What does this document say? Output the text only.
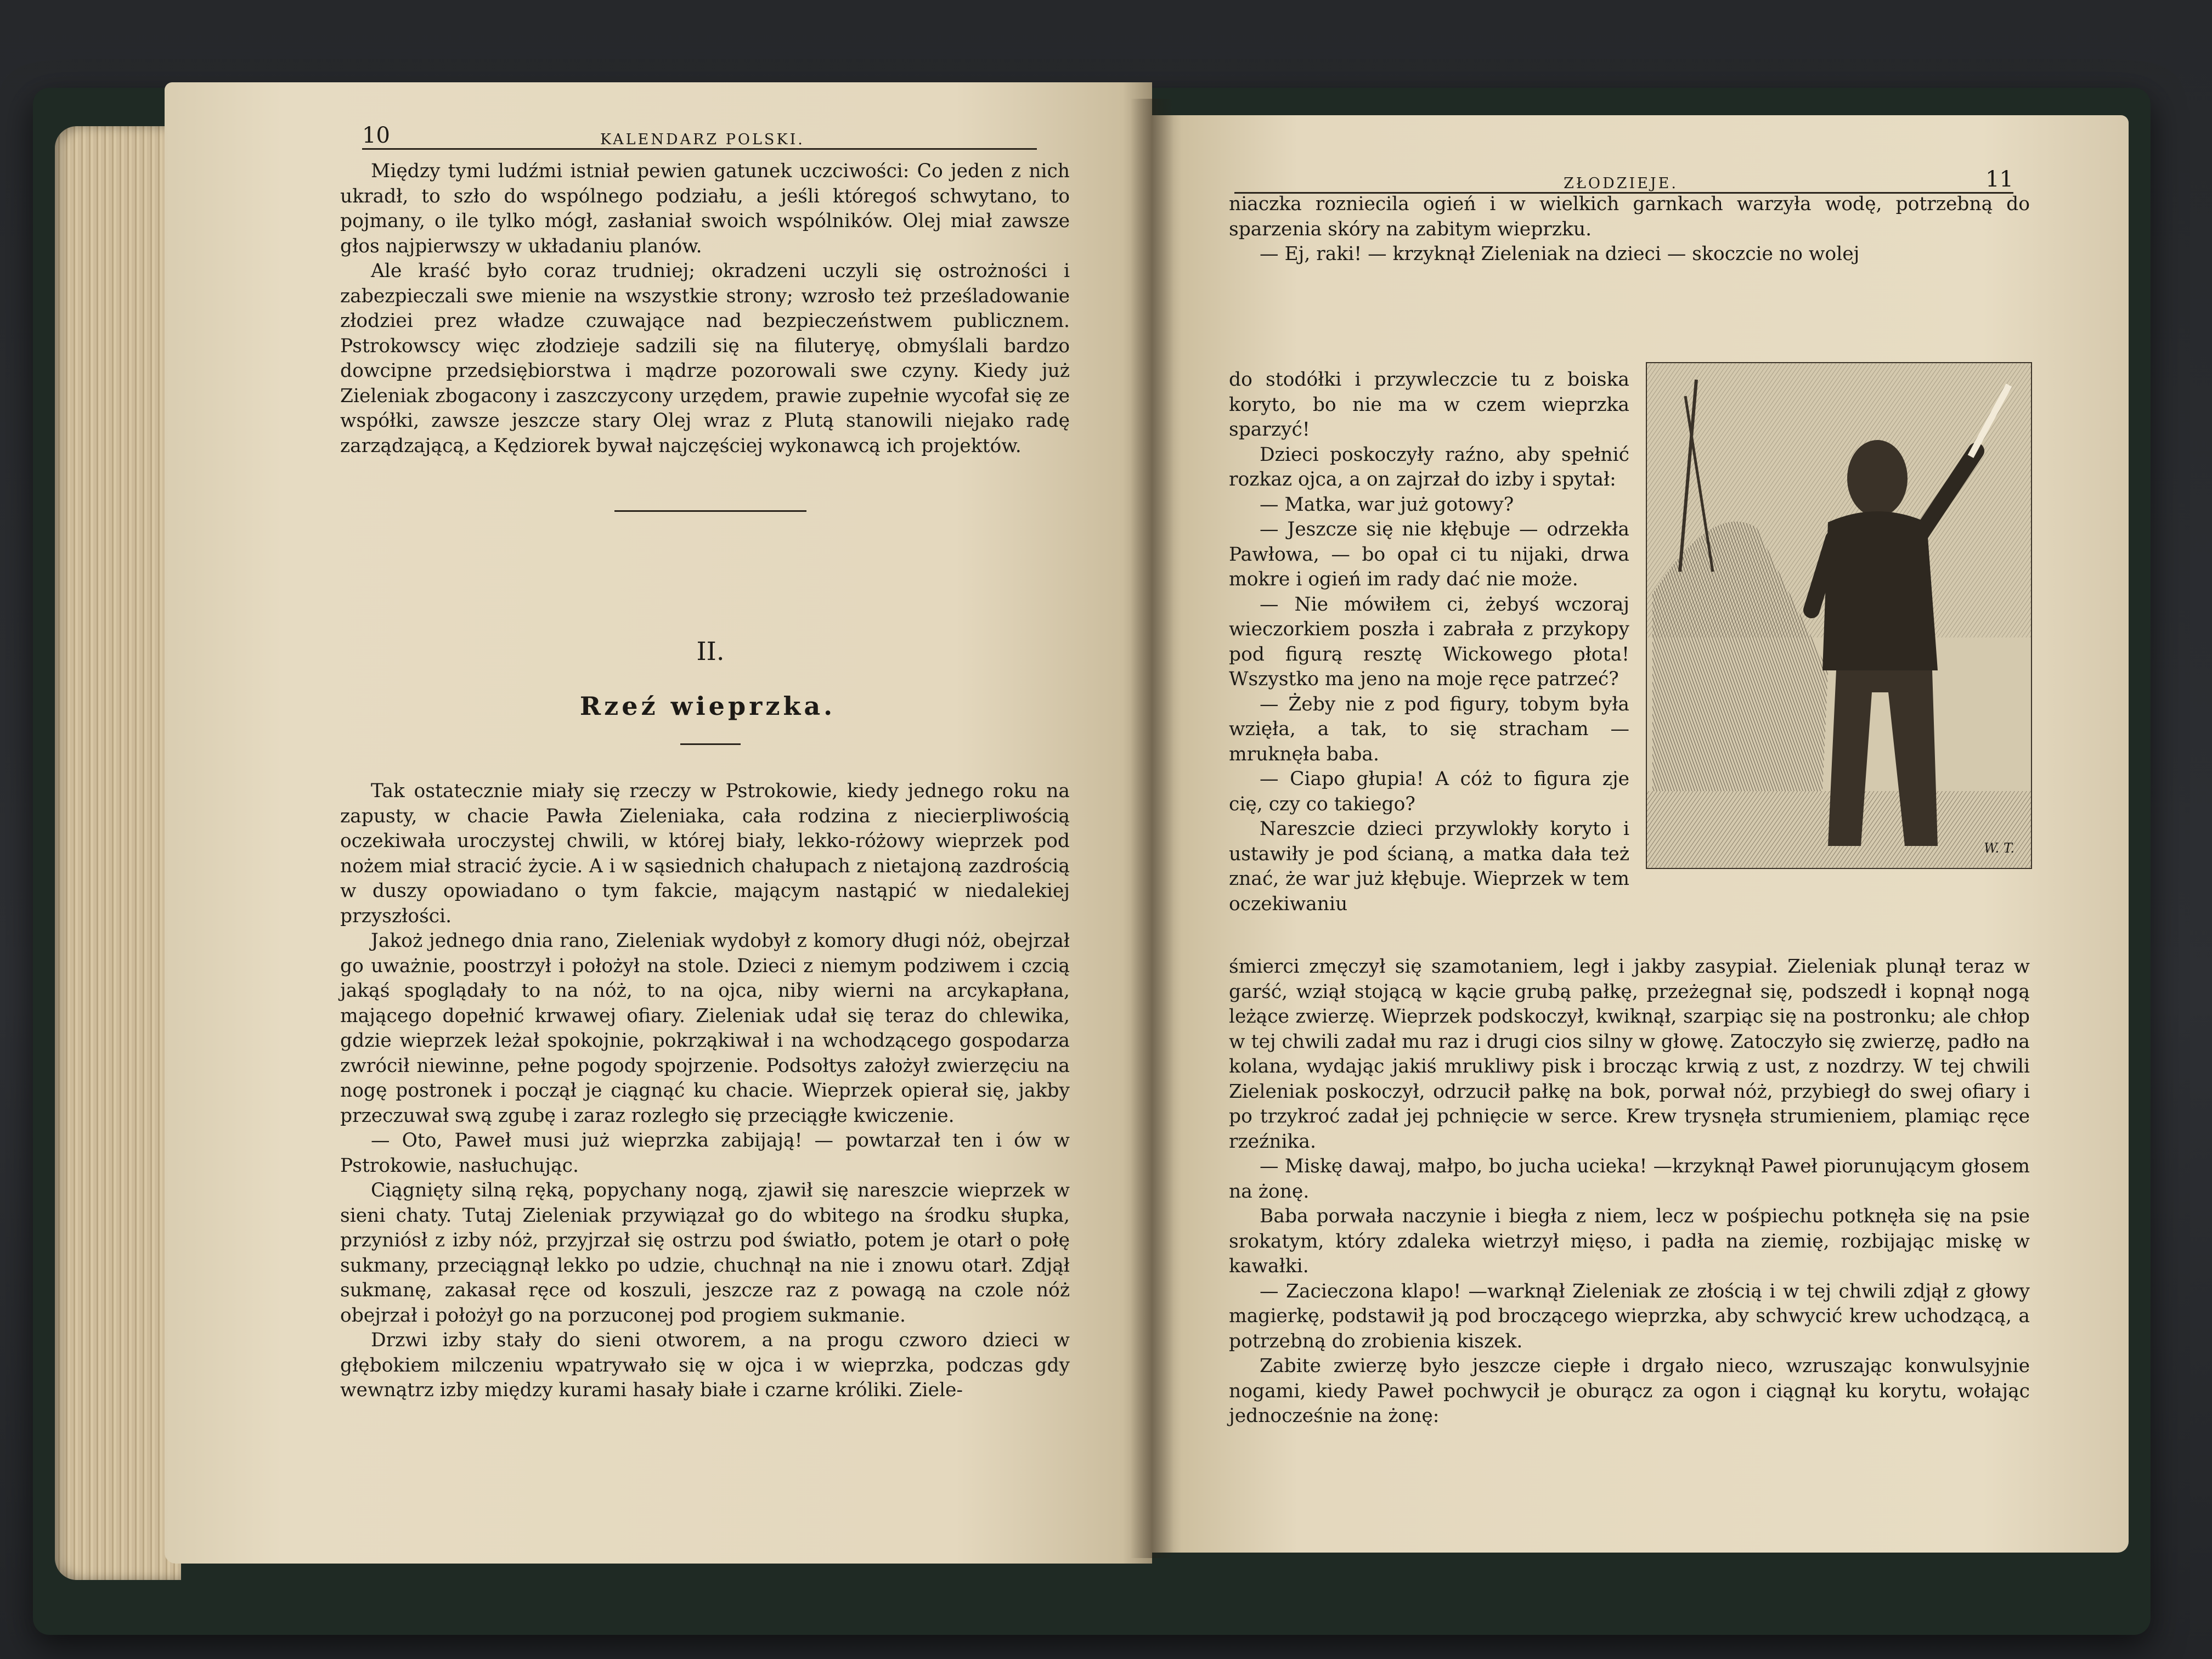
10	KALENDARZ POLSKI.

Między tymi ludźmi istniał pewien gatunek uczciwości: Co jeden z nich ukradł, to szło do wspólnego podziału, a jeśli któregoś schwytano, to pojmany, o ile tylko mógł, zasłaniał swoich wspólników. Olej miał zawsze głos najpierwszy w układaniu planów.

Ale kraść było coraz trudniej; okradzeni uczyli się ostrożności i zabezpieczali swe mienie na wszystkie strony; wzrosło też prześladowanie złodziei prez władze czuwające nad bezpieczeństwem publicznem. Pstrokowscy więc złodzieje sadzili się na filuteryę, obmyślali bardzo dowcipne przedsiębiorstwa i mądrze pozorowali swe czyny. Kiedy już Zieleniak zbogacony i zaszczycony urzędem, prawie zupełnie wycofał się ze współki, zawsze jeszcze stary Olej wraz z Plutą stanowili niejako radę zarządzającą, a Kędziorek bywał najczęściej wykonawcą ich projektów.

II.
Rzeź wieprzka.

Tak ostatecznie miały się rzeczy w Pstrokowie, kiedy jednego roku na zapusty, w chacie Pawła Zieleniaka, cała rodzina z niecierpliwością oczekiwała uroczystej chwili, w której biały, lekko-różowy wieprzek pod nożem miał stracić życie. A i w sąsiednich chałupach z nietajoną zazdrością w duszy opowiadano o tym fakcie, mającym nastąpić w niedalekiej przyszłości.

Jakoż jednego dnia rano, Zieleniak wydobył z komory długi nóż, obejrzał go uważnie, poostrzył i położył na stole. Dzieci z niemym podziwem i czcią jakąś spoglądały to na nóż, to na ojca, niby wierni na arcykapłana, mającego dopełnić krwawej ofiary. Zieleniak udał się teraz do chlewika, gdzie wieprzek leżał spokojnie, pokrząkiwał i na wchodzącego gospodarza zwrócił niewinne, pełne pogody spojrzenie. Podsołtys założył zwierzęciu na nogę postronek i począł je ciągnąć ku chacie. Wieprzek opierał się, jakby przeczuwał swą zgubę i zaraz rozległo się przeciągłe kwiczenie.

— Oto, Paweł musi już wieprzka zabijają! — powtarzał ten i ów w Pstrokowie, nasłuchując.

Ciągnięty silną ręką, popychany nogą, zjawił się nareszcie wieprzek w sieni chaty. Tutaj Zieleniak przywiązał go do wbitego na środku słupka, przyniósł z izby nóż, przyjrzał się ostrzu pod światło, potem je otarł o połę sukmany, przeciągnął lekko po udzie, chuchnął na nie i znowu otarł. Zdjął sukmanę, zakasał ręce od koszuli, jeszcze raz z powagą na czole nóż obejrzał i położył go na porzuconej pod progiem sukmanie.

Drzwi izby stały do sieni otworem, a na progu czworo dzieci w głębokiem milczeniu wpatrywało się w ojca i w wieprzka, podczas gdy wewnątrz izby między kurami hasały białe i czarne króliki. Ziele-

ZŁODZIEJE.	11

niaczka rozniecila ogień i w wielkich garnkach warzyła wodę, potrzebną do sparzenia skóry na zabitym wieprzku.

— Ej, raki! — krzyknął Zieleniak na dzieci — skoczcie no wolej

do stodółki i przywleczcie tu z boiska koryto, bo nie ma w czem wieprzka sparzyć!

Dzieci poskoczyły raźno, aby spełnić rozkaz ojca, a on zajrzał do izby i spytał:

— Matka, war już gotowy?

— Jeszcze się nie kłębuje — odrzekła Pawłowa, — bo opał ci tu nijaki, drwa mokre i ogień im rady dać nie może.

— Nie mówiłem ci, żebyś wczoraj wieczorkiem poszła i zabrała z przykopy pod figurą resztę Wickowego płota! Wszystko ma jeno na moje ręce patrzeć?

— Żeby nie z pod figury, tobym była wzięła, a tak, to się stracham — mruknęła baba.

— Ciapo głupia! A cóż to figura zje cię, czy co takiego?

Nareszcie dzieci przywlokły koryto i ustawiły je pod ścianą, a matka dała też znać, że war już kłębuje. Wieprzek w tem oczekiwaniu

W. T.

śmierci zmęczył się szamotaniem, legł i jakby zasypiał. Zieleniak plunął teraz w garść, wziął stojącą w kącie grubą pałkę, przeżegnał się, podszedł i kopnął nogą leżące zwierzę. Wieprzek podskoczył, kwiknął, szarpiąc się na postronku; ale chłop w tej chwili zadał mu raz i drugi cios silny w głowę. Zatoczyło się zwierzę, padło na kolana, wydając jakiś mrukliwy pisk i brocząc krwią z ust, z nozdrzy. W tej chwili Zieleniak poskoczył, odrzucił pałkę na bok, porwał nóż, przybiegł do swej ofiary i po trzykroć zadał jej pchnięcie w serce. Krew trysnęła strumieniem, plamiąc ręce rzeźnika.

— Miskę dawaj, małpo, bo jucha ucieka! —krzyknął Paweł piorunującym głosem na żonę.

Baba porwała naczynie i biegła z niem, lecz w pośpiechu potknęła się na psie srokatym, który zdaleka wietrzył mięso, i padła na ziemię, rozbijając miskę w kawałki.

— Zacieczona klapo! —warknął Zieleniak ze złością i w tej chwili zdjął z głowy magierkę, podstawił ją pod broczącego wieprzka, aby schwycić krew uchodzącą, a potrzebną do zrobienia kiszek.

Zabite zwierzę było jeszcze ciepłe i drgało nieco, wzruszając konwulsyjnie nogami, kiedy Paweł pochwycił je oburącz za ogon i ciągnął ku korytu, wołając jednocześnie na żonę:
